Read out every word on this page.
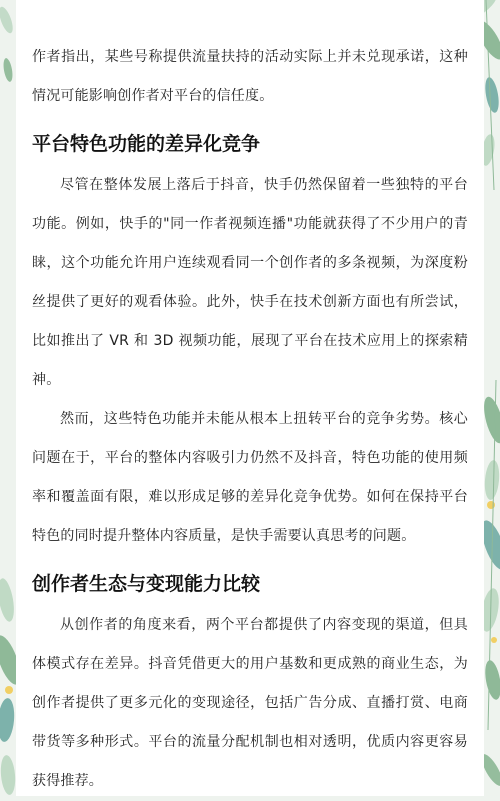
作者指出，某些号称提供流量扶持的活动实际上并未兑现承诺，这种情况可能影响创作者对平台的信任度。

平台特色功能的差异化竞争

尽管在整体发展上落后于抖音，快手仍然保留着一些独特的平台功能。例如，快手的"同一作者视频连播"功能就获得了不少用户的青睐，这个功能允许用户连续观看同一个创作者的多条视频，为深度粉丝提供了更好的观看体验。此外，快手在技术创新方面也有所尝试，比如推出了 VR 和 3D 视频功能，展现了平台在技术应用上的探索精神。

然而，这些特色功能并未能从根本上扭转平台的竞争劣势。核心问题在于，平台的整体内容吸引力仍然不及抖音，特色功能的使用频率和覆盖面有限，难以形成足够的差异化竞争优势。如何在保持平台特色的同时提升整体内容质量，是快手需要认真思考的问题。

创作者生态与变现能力比较

从创作者的角度来看，两个平台都提供了内容变现的渠道，但具体模式存在差异。抖音凭借更大的用户基数和更成熟的商业生态，为创作者提供了更多元化的变现途径，包括广告分成、直播打赏、电商带货等多种形式。平台的流量分配机制也相对透明，优质内容更容易获得推荐。
